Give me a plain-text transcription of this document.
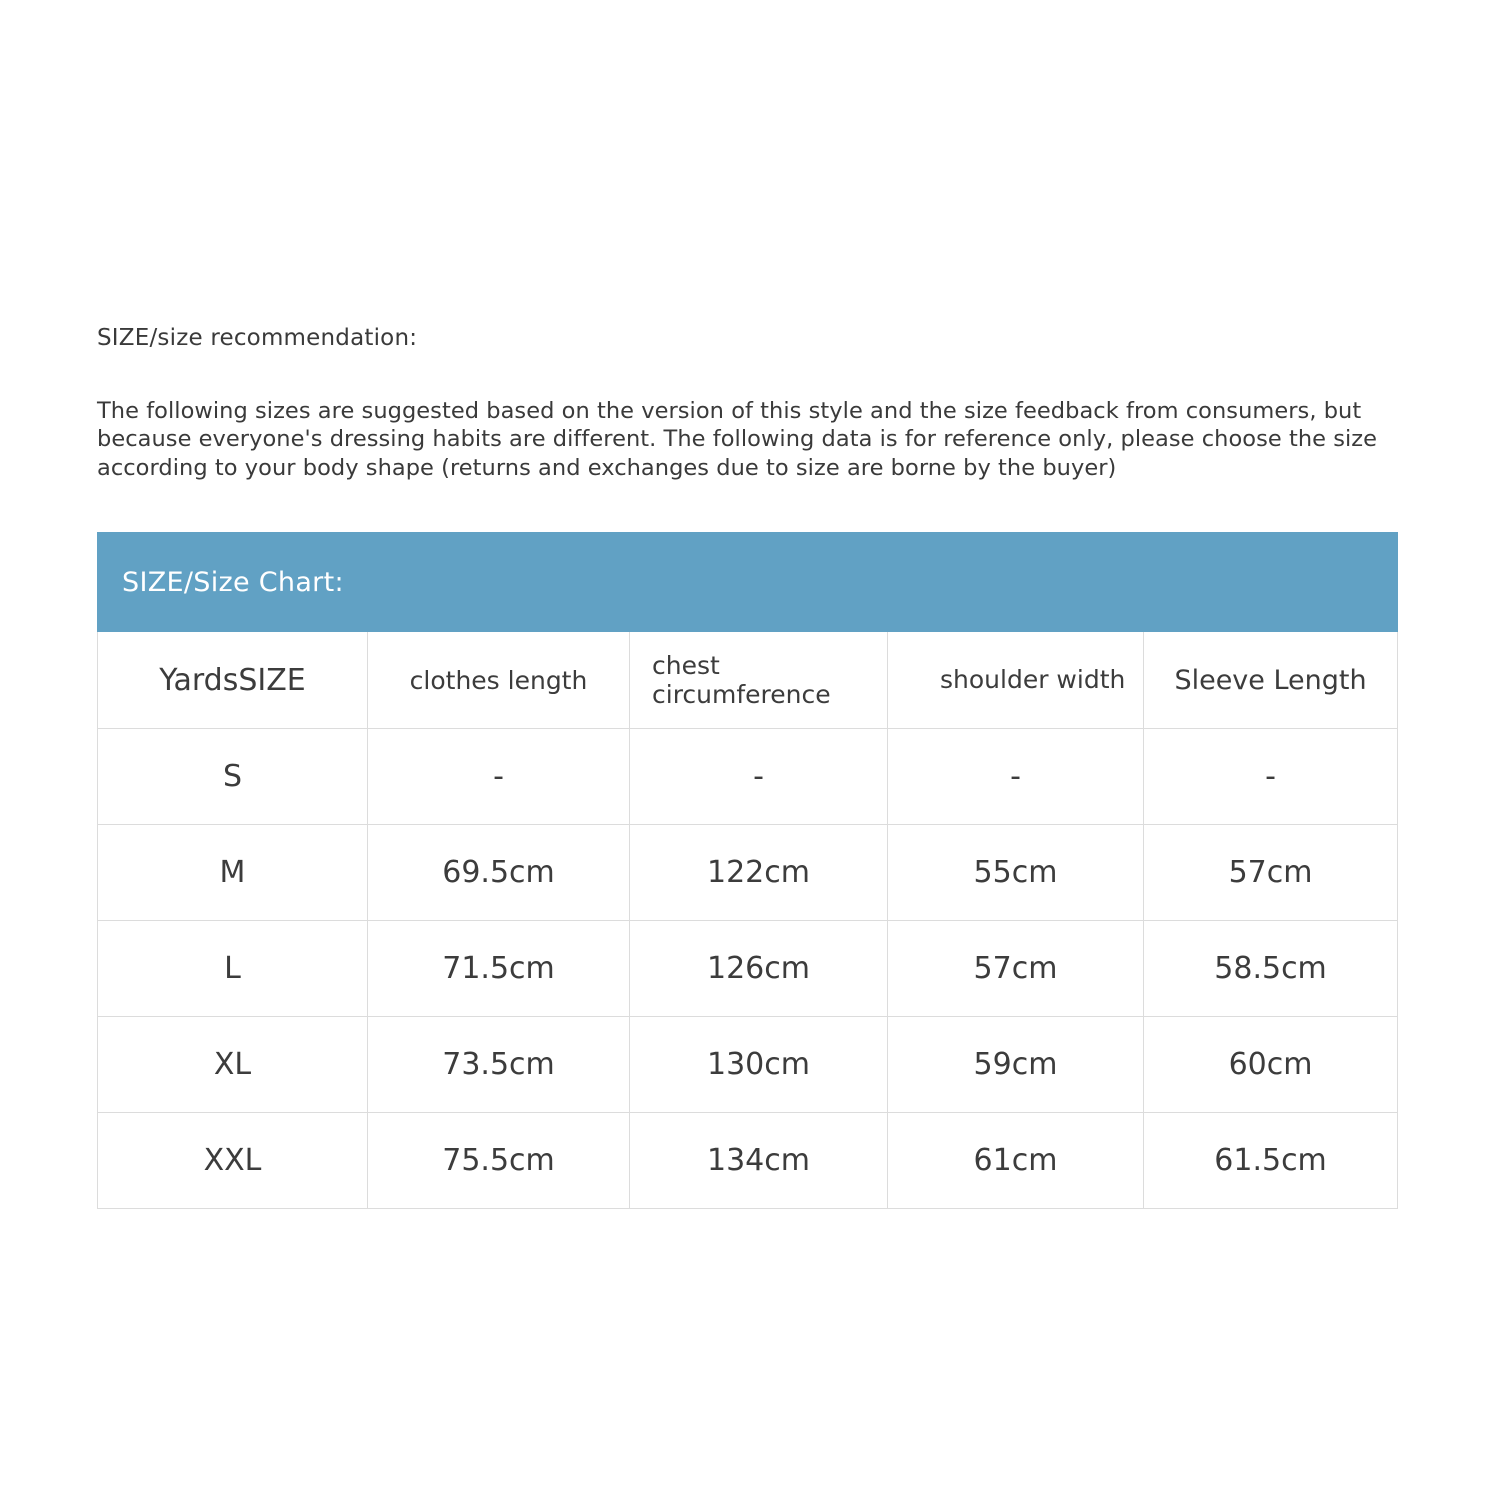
SIZE/size recommendation:

The following sizes are suggested based on the version of this style and the size feedback from consumers, but because everyone's dressing habits are different. The following data is for reference only, please choose the size according to your body shape (returns and exchanges due to size are borne by the buyer)

SIZE/Size Chart:				
YardsSIZE	clothes length	chest circumference	shoulder width	Sleeve Length
S	-	-	-	-
M	69.5cm	122cm	55cm	57cm
L	71.5cm	126cm	57cm	58.5cm
XL	73.5cm	130cm	59cm	60cm
XXL	75.5cm	134cm	61cm	61.5cm
